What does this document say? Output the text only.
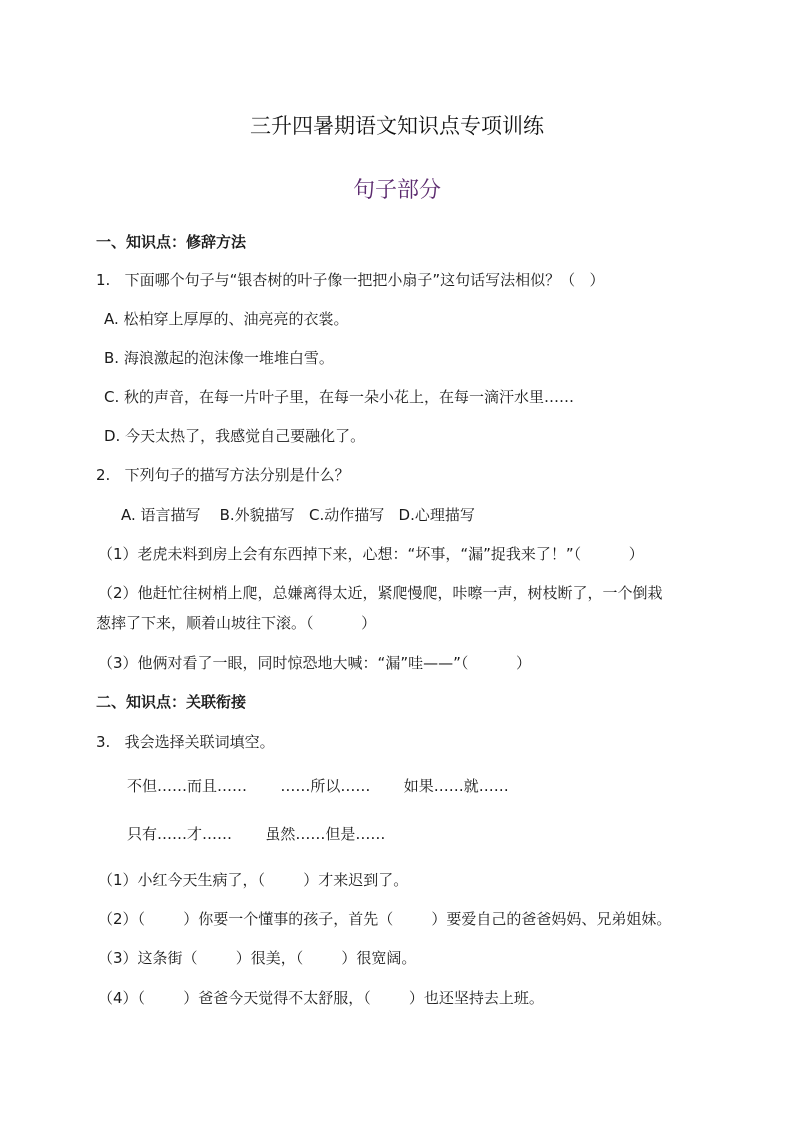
三升四暑期语文知识点专项训练
句子部分
一、知识点：修辞方法
1.   下面哪个句子与“银杏树的叶子像一把把小扇子”这句话写法相似？（   ）
A. 松柏穿上厚厚的、油亮亮的衣裳。
B. 海浪激起的泡沫像一堆堆白雪。
C. 秋的声音，在每一片叶子里，在每一朵小花上，在每一滴汗水里……
D. 今天太热了，我感觉自己要融化了。
2.   下列句子的描写方法分别是什么？
A. 语言描写    B.外貌描写   C.动作描写   D.心理描写
（1）老虎未料到房上会有东西掉下来，心想：“坏事，“漏”捉我来了！”（          ）
（2）他赶忙往树梢上爬，总嫌离得太近，紧爬慢爬，咔嚓一声，树枝断了，一个倒栽
葱摔了下来，顺着山坡往下滚。（          ）
（3）他俩对看了一眼，同时惊恐地大喊：“漏”哇——”（          ）
二、知识点：关联衔接
3.   我会选择关联词填空。
不但……而且……       ……所以……       如果……就……
只有……才……       虽然……但是……
（1）小红今天生病了，（        ）才来迟到了。
（2）（        ）你要一个懂事的孩子，首先（        ）要爱自己的爸爸妈妈、兄弟姐妹。
（3）这条街（        ）很美，（        ）很宽阔。
（4）（        ）爸爸今天觉得不太舒服，（        ）也还坚持去上班。
